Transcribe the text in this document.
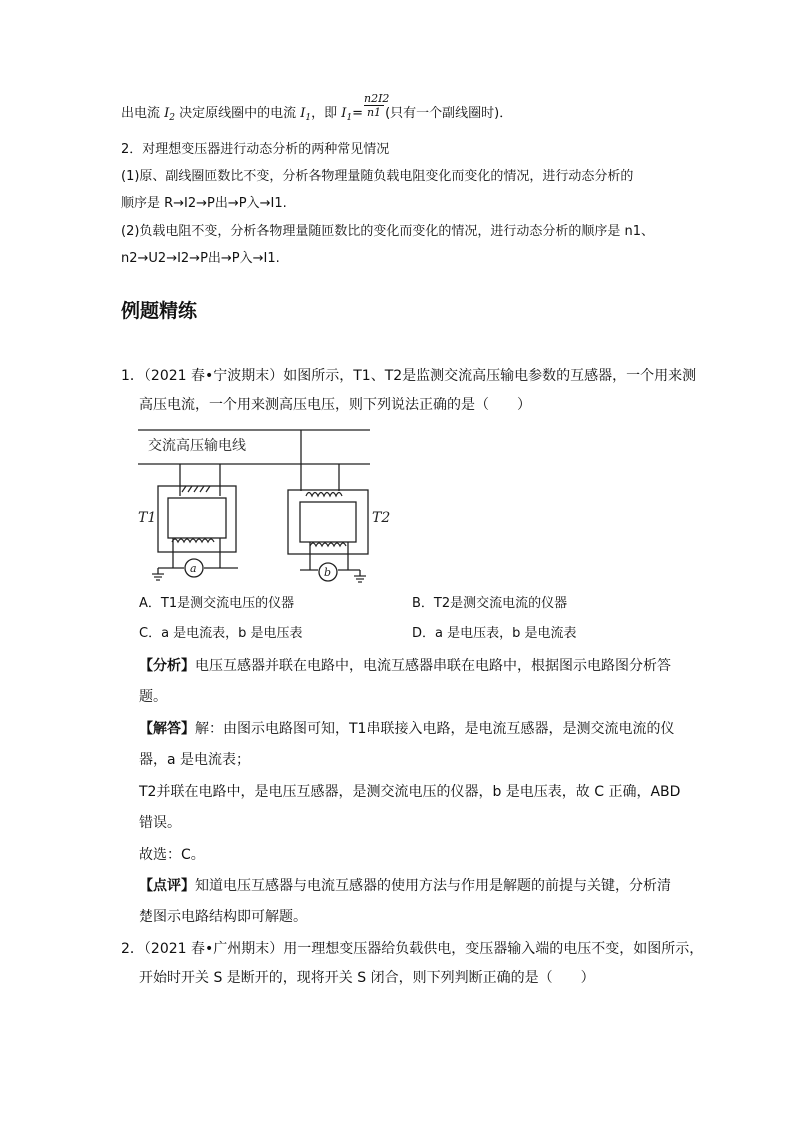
出电流 $I_2$ 决定原线圈中的电流 $I_1$，即 $I_1=$ (只有一个副线圈时)．
$\frac{n2I2}{n1}$
2．对理想变压器进行动态分析的两种常见情况
(1)原、副线圈匝数比不变，分析各物理量随负载电阻变化而变化的情况，进行动态分析的
顺序是 R→I2→P出→P入→I1.
(2)负载电阻不变，分析各物理量随匝数比的变化而变化的情况，进行动态分析的顺序是 n1、
n2→U2→I2→P出→P入→I1.
例题精练
1．（2021 春•宁波期末）如图所示，T1、T2是监测交流高压输电参数的互感器，一个用来测
高压电流，一个用来测高压电压，则下列说法正确的是（　　）
交流高压输电线
T1	T2
a	b
A．T1是测交流电压的仪器	B．T2是测交流电流的仪器
C．a 是电流表，b 是电压表	D．a 是电压表，b 是电流表
【分析】电压互感器并联在电路中，电流互感器串联在电路中，根据图示电路图分析答
题。
【解答】解：由图示电路图可知，T1串联接入电路，是电流互感器，是测交流电流的仪
器，a 是电流表；
T2并联在电路中，是电压互感器，是测交流电压的仪器，b 是电压表，故 C 正确，ABD
错误。
故选：C。
【点评】知道电压互感器与电流互感器的使用方法与作用是解题的前提与关键，分析清
楚图示电路结构即可解题。
2．（2021 春•广州期末）用一理想变压器给负载供电，变压器输入端的电压不变，如图所示，
开始时开关 S 是断开的，现将开关 S 闭合，则下列判断正确的是（　　）
